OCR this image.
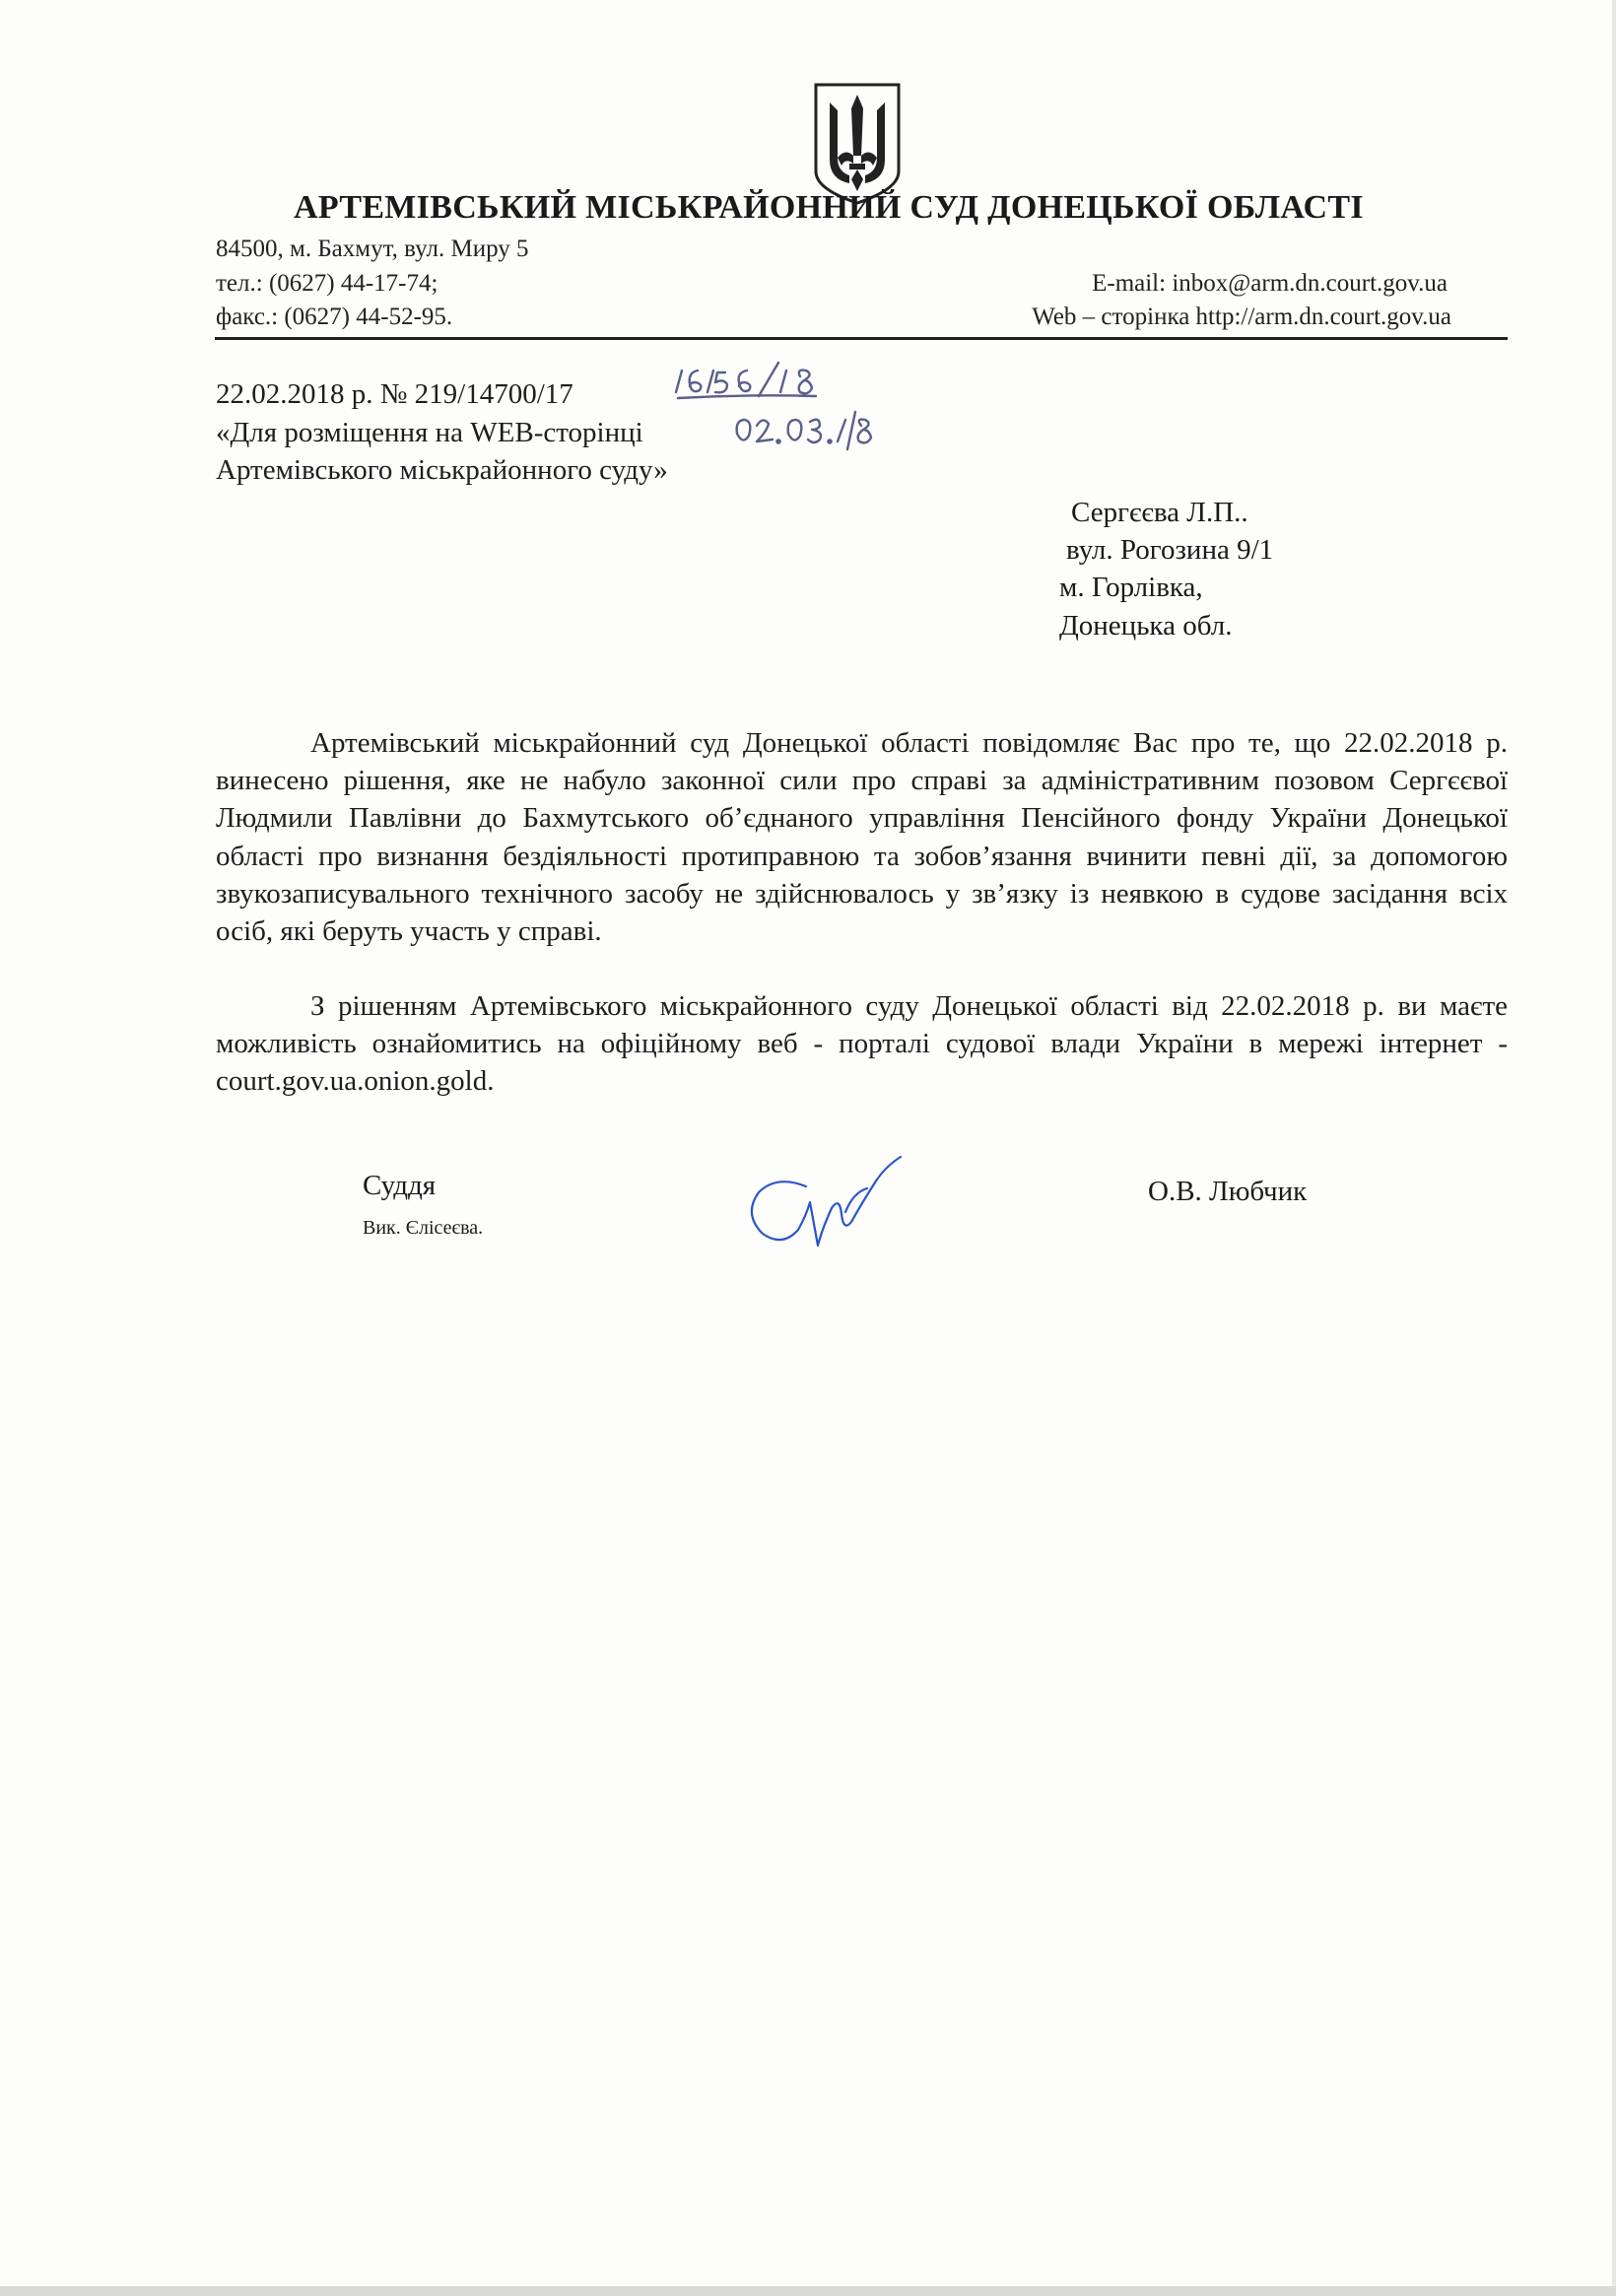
АРТЕМІВСЬКИЙ МІСЬКРАЙОННИЙ СУД ДОНЕЦЬКОЇ ОБЛАСТІ
84500, м. Бахмут, вул. Миру 5
тел.: (0627) 44-17-74;
факс.: (0627) 44-52-95.
E-mail: inbox@arm.dn.court.gov.ua
Web – сторінка http://arm.dn.court.gov.ua
22.02.2018 р. № 219/14700/17
«Для розміщення на WEB-сторінці
Артемівського міськрайонного суду»
Сергєєва Л.П..
вул. Рогозина 9/1
м. Горлівка,
Донецька обл.
Артемівський міськрайонний суд Донецької області повідомляє Вас про те, що 22.02.2018 р. винесено рішення, яке не набуло законної сили про справі за адміністративним позовом Сергєєвої Людмили Павлівни до Бахмутського об’єднаного управління Пенсійного фонду України Донецької області про визнання бездіяльності протиправною та зобов’язання вчинити певні дії, за допомогою звукозаписувального технічного засобу не здійснювалось у зв’язку із неявкою в судове засідання всіх осіб, які беруть участь у справі.
З рішенням Артемівського міськрайонного суду Донецької області від 22.02.2018 р. ви маєте можливість ознайомитись на офіційному веб - порталі судової влади України в мережі інтернет - court.gov.ua.onion.gold.
Суддя
Вик. Єлісеєва.
О.В. Любчик
